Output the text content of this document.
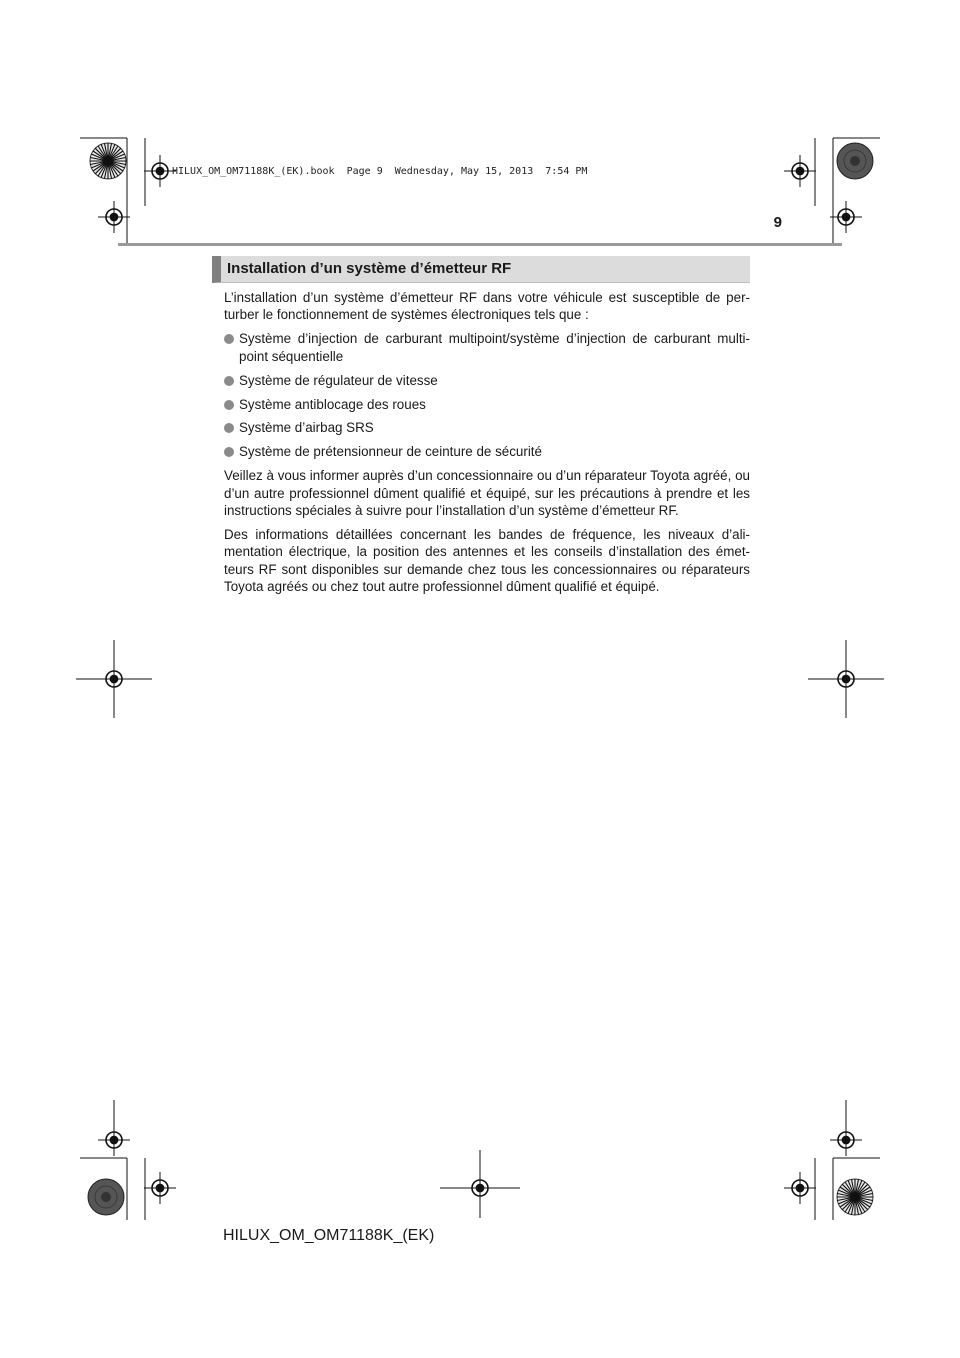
HILUX_OM_OM71188K_(EK).book  Page 9  Wednesday, May 15, 2013  7:54 PM
9
Installation d’un système d’émetteur RF

L’installation d’un système d’émetteur RF dans votre véhicule est susceptible de per-turber le fonctionnement de systèmes électroniques tels que :

Système d’injection de carburant multipoint/système d’injection de carburant multi-point séquentielle
Système de régulateur de vitesse
Système antiblocage des roues
Système d’airbag SRS
Système de prétensionneur de ceinture de sécurité

Veillez à vous informer auprès d’un concessionnaire ou d’un réparateur Toyota agréé, ou d’un autre professionnel dûment qualifié et équipé, sur les précautions à prendre et les instructions spéciales à suivre pour l’installation d’un système d’émetteur RF.

Des informations détaillées concernant les bandes de fréquence, les niveaux d’ali-mentation électrique, la position des antennes et les conseils d’installation des émet-teurs RF sont disponibles sur demande chez tous les concessionnaires ou réparateurs Toyota agréés ou chez tout autre professionnel dûment qualifié et équipé.

HILUX_OM_OM71188K_(EK)
